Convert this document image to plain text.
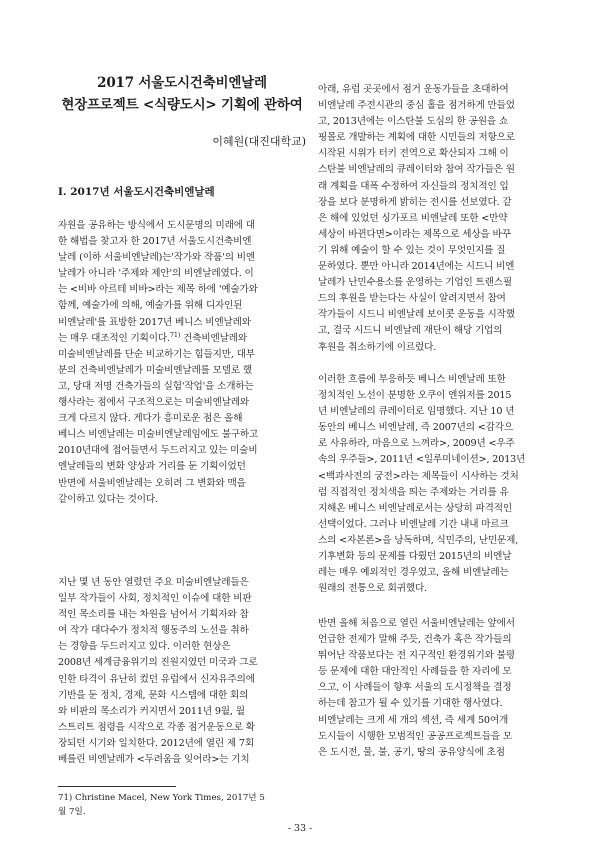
2017 서울도시건축비엔날레
현장프로젝트 <식량도시> 기획에 관하여
이혜원(대진대학교)
I. 2017년 서울도시건축비엔날레
자원을 공유하는 방식에서 도시문명의 미래에 대
한 해법을 찾고자 한 2017년 서울도시건축비엔
날레 (이하 서울비엔날레)는'작가와 작품'의 비엔
날레가 아니라 '주제와 제안'의 비엔날레였다. 이
는 <비바 아르테 비바>라는 제목 하에 '예술가와
함께, 예술가에 의해, 예술가를 위해 디자인된
비엔날레'를 표방한 2017년 베니스 비엔날레와
는 매우 대조적인 기획이다.$^{71)}$ 건축비엔날레와
미술비엔날레를 단순 비교하기는 힘들지만, 대부
분의 건축비엔날레가 미술비엔날레를 모델로 했
고, 당대 저명 건축가들의 실험'작업'을 소개하는
행사라는 점에서 구조적으로는 미술비엔날레와
크게 다르지 않다. 게다가 흥미로운 점은 올해
베니스 비엔날레는 미술비엔날레임에도 불구하고
2010년대에 접어들면서 두드러지고 있는 미술비
엔날레들의 변화 양상과 거리를 둔 기획이었던
반면에 서울비엔날레는 오히려 그 변화와 맥을
같이하고 있다는 것이다.
지난 몇 년 동안 열렸던 주요 미술비엔날레들은
일부 작가들이 사회, 정치적인 이슈에 대한 비판
적인 목소리를 내는 차원을 넘어서 기획자와 참
여 작가 대다수가 정치적 행동주의 노선을 취하
는 경향을 두드러지고 있다. 이러한 현상은
2008년 세계금융위기의 진원지였던 미국과 그로
인한 타격이 유난히 컸던 유럽에서 신자유주의에
기반을 둔 정치, 경제, 문화 시스템에 대한 회의
와 비판의 목소리가 커지면서 2011년 9월, 월
스트리트 점령을 시작으로 각종 점거운동으로 확
장되던 시기와 일치한다. 2012년에 열린 제 7회
베를린 비엔날레가 <두려움을 잊어라>는 기치
아래, 유럽 곳곳에서 점거 운동가들을 초대하여
비엔날레 주전시관의 중심 홀을 점거하게 만들었
고, 2013년에는 이스탄불 도심의 한 공원을 쇼
핑몰로 개발하는 계획에 대한 시민들의 저항으로
시작된 시위가 터키 전역으로 확산되자 그해 이
스탄불 비엔날레의 큐레이터와 참여 작가들은 원
래 계획을 대폭 수정하여 자신들의 정치적인 입
장을 보다 분명하게 밝히는 전시를 선보였다. 같
은 해에 있었던 싱가포르 비엔날레 또한 <만약
세상이 바뀐다면>이라는 제목으로 세상을 바꾸
기 위해 예술이 할 수 있는 것이 무엇인지를 질
문하였다. 뿐만 아니라 2014년에는 시드니 비엔
날레가 난민수용소를 운영하는 기업인 트랜스필
드의 후원을 받는다는 사실이 알려지면서 참여
작가들이 시드니 비엔날레 보이콧 운동을 시작했
고, 결국 시드니 비엔날레 재단이 해당 기업의
후원을 취소하기에 이르렀다.
이러한 흐름에 부응하듯 베니스 비엔날레 또한
정치적인 노선이 분명한 오쿠이 엔위저를 2015
년 비엔날레의 큐레이터로 임명했다. 지난 10 년
동안의 베니스 비엔날레, 즉 2007년의 <감각으
로 사유하라, 마음으로 느껴라>, 2009년 <우주
속의 우주들>, 2011년 <일루미네이션>, 2013년
<백과사전의 궁전>라는 제목들이 시사하는 것처
럼 직접적인 정치색을 띄는 주제와는 거리를 유
지해온 베니스 비엔날레로서는 상당히 파격적인
선택이었다. 그러나 비엔날레 기간 내내 마르크
스의 <자본론>을 낭독하며, 식민주의, 난민문제,
기후변화 등의 문제를 다뤘던 2015년의 비엔날
레는 매우 예외적인 경우였고, 올해 비엔날레는
원래의 전통으로 회귀했다.
반면 올해 처음으로 열린 서울비엔날레는 앞에서
언급한 전제가 말해 주듯, 건축가 혹은 작가들의
뛰어난 작품보다는 전 지구적인 환경위기와 불평
등 문제에 대한 대안적인 사례들을 한 자리에 모
으고, 이 사례들이 향후 서울의 도시정책을 결정
하는데 참고가 될 수 있기를 기대한 행사였다.
비엔날레는 크게 세 개의 섹션, 즉 세계 50여개
도시들이 시행한 모범적인 공공프로젝트들을 모
은 도시전, 물, 불, 공기, 땅의 공유양식에 초점
71) Christine Macel, New York Times, 2017년 5
월 7일.
- 33 -
